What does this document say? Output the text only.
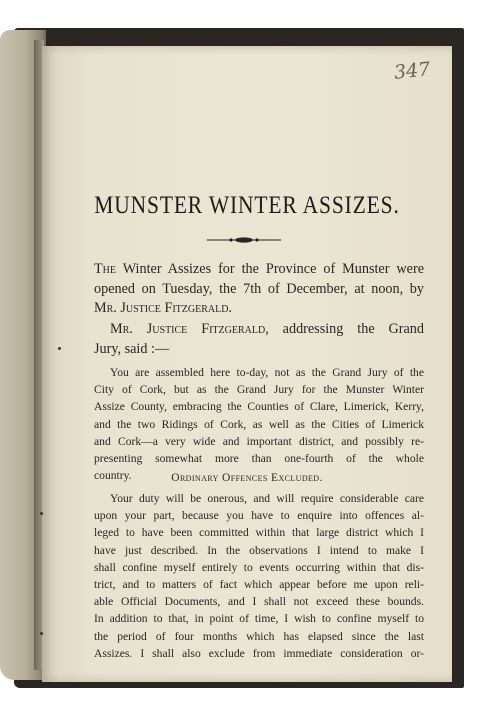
347
MUNSTER WINTER ASSIZES.
The Winter Assizes for the Province of Munster were
opened on Tuesday, the 7th of December, at noon, by
Mr. Justice Fitzgerald.
Mr. Justice Fitzgerald, addressing the Grand
Jury, said :—
You are assembled here to-day, not as the Grand Jury of the
City of Cork, but as the Grand Jury for the Munster Winter
Assize County, embracing the Counties of Clare, Limerick, Kerry,
and the two Ridings of Cork, as well as the Cities of Limerick
and Cork—a very wide and important district, and possibly re-
presenting somewhat more than one-fourth of the whole
country.	Ordinary Offences Excluded.
Your duty will be onerous, and will require considerable care
upon your part, because you have to enquire into offences al-
leged to have been committed within that large district which I
have just described. In the observations I intend to make I
shall confine myself entirely to events occurring within that dis-
trict, and to matters of fact which appear before me upon reli-
able Official Documents, and I shall not exceed these bounds.
In addition to that, in point of time, I wish to confine myself to
the period of four months which has elapsed since the last
Assizes. I shall also exclude from immediate consideration or-
